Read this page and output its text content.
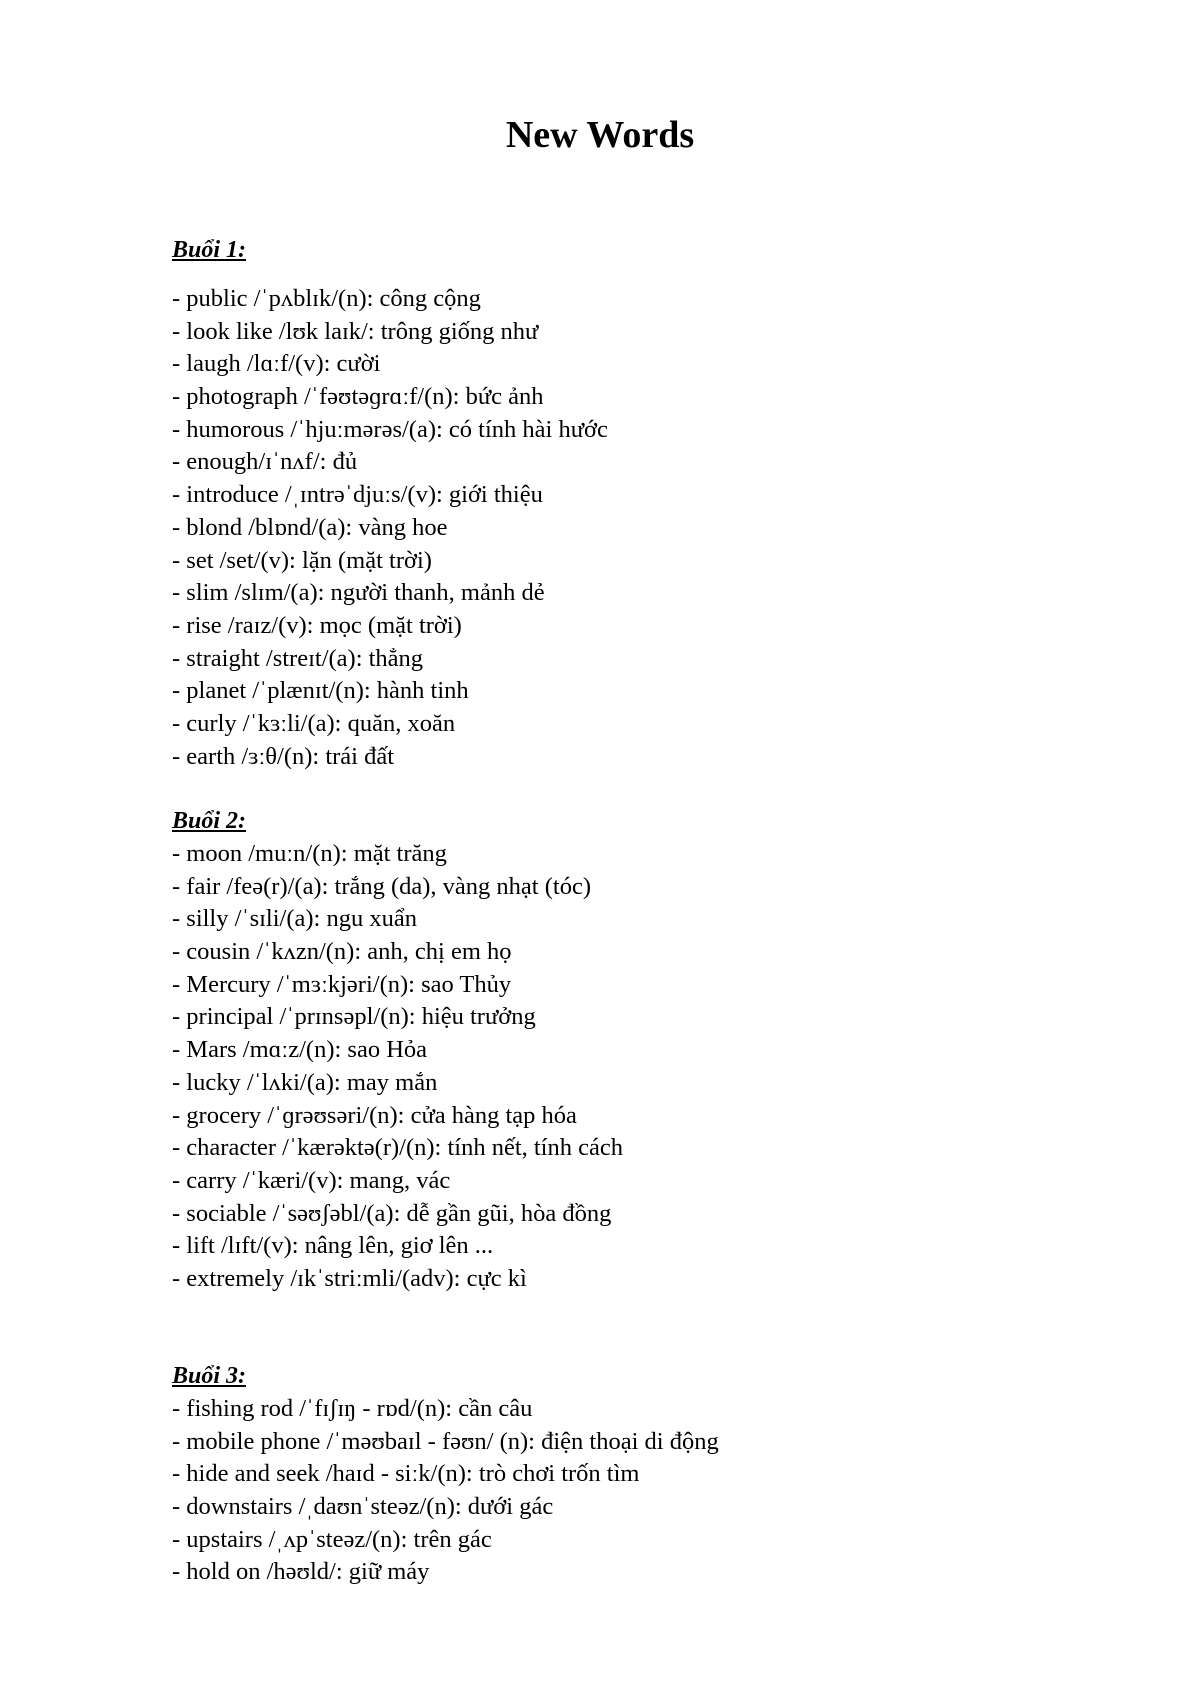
New Words
Buổi 1:
- public /ˈpʌblɪk/(n): công cộng
- look like /lʊk laɪk/: trông giống như
- laugh /lɑːf/(v): cười
- photograph /ˈfəʊtəɡrɑːf/(n): bức ảnh
- humorous /ˈhjuːmərəs/(a): có tính hài hước
- enough/ɪˈnʌf/: đủ
- introduce /ˌɪntrəˈdjuːs/(v): giới thiệu
- blond /blɒnd/(a): vàng hoe
- set /set/(v): lặn (mặt trời)
- slim /slɪm/(a): người thanh, mảnh dẻ
- rise /raɪz/(v): mọc (mặt trời)
- straight /streɪt/(a): thẳng
- planet /ˈplænɪt/(n): hành tinh
- curly /ˈkɜːli/(a): quăn, xoăn
- earth /ɜːθ/(n): trái đất
Buổi 2:
- moon /muːn/(n): mặt trăng
- fair /feə(r)/(a): trắng (da), vàng nhạt (tóc)
- silly /ˈsɪli/(a): ngu xuẩn
- cousin /ˈkʌzn/(n): anh, chị em họ
- Mercury /ˈmɜːkjəri/(n): sao Thủy
- principal /ˈprɪnsəpl/(n): hiệu trưởng
- Mars /mɑːz/(n): sao Hỏa
- lucky /ˈlʌki/(a): may mắn
- grocery /ˈɡrəʊsəri/(n): cửa hàng tạp hóa
- character /ˈkærəktə(r)/(n): tính nết, tính cách
- carry /ˈkæri/(v): mang, vác
- sociable /ˈsəʊʃəbl/(a): dễ gần gũi, hòa đồng
- lift /lɪft/(v): nâng lên, giơ lên ...
- extremely /ɪkˈstriːmli/(adv): cực kì
Buổi 3:
- fishing rod /ˈfɪʃɪŋ - rɒd/(n): cần câu
- mobile phone /ˈməʊbaɪl - fəʊn/ (n): điện thoại di động
- hide and seek /haɪd - siːk/(n): trò chơi trốn tìm
- downstairs /ˌdaʊnˈsteəz/(n): dưới gác
- upstairs /ˌʌpˈsteəz/(n): trên gác
- hold on /həʊld/: giữ máy
